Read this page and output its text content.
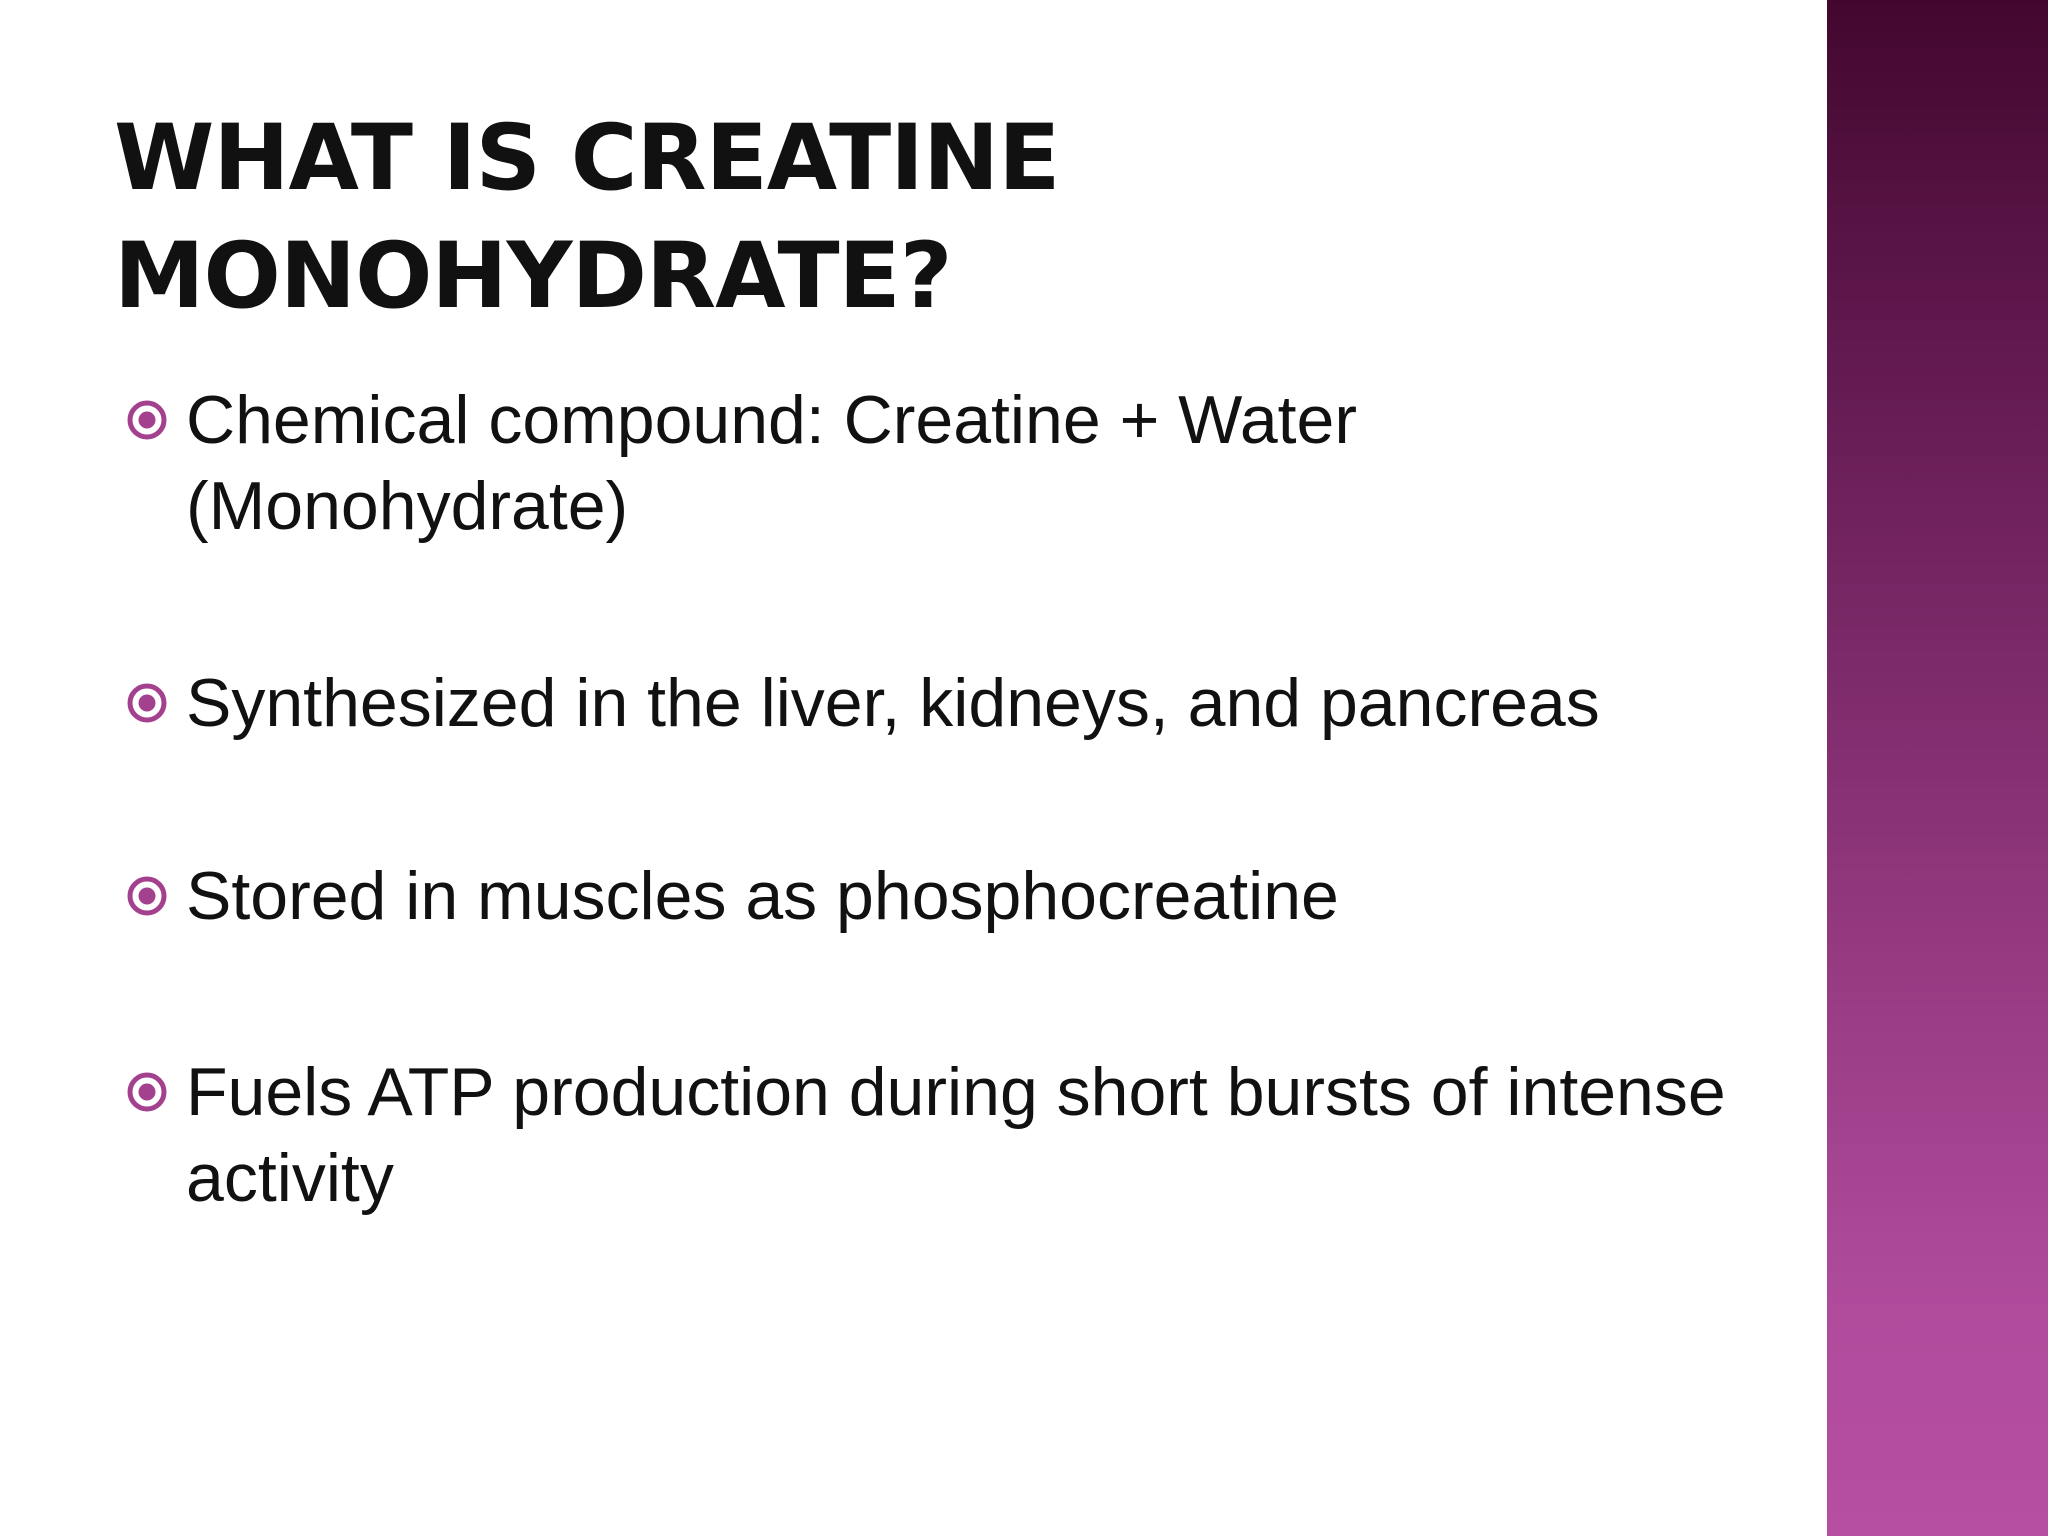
WHAT IS CREATINE MONOHYDRATE?
Chemical compound: Creatine + Water (Monohydrate)
Synthesized in the liver, kidneys, and pancreas
Stored in muscles as phosphocreatine
Fuels ATP production during short bursts of intense activity
